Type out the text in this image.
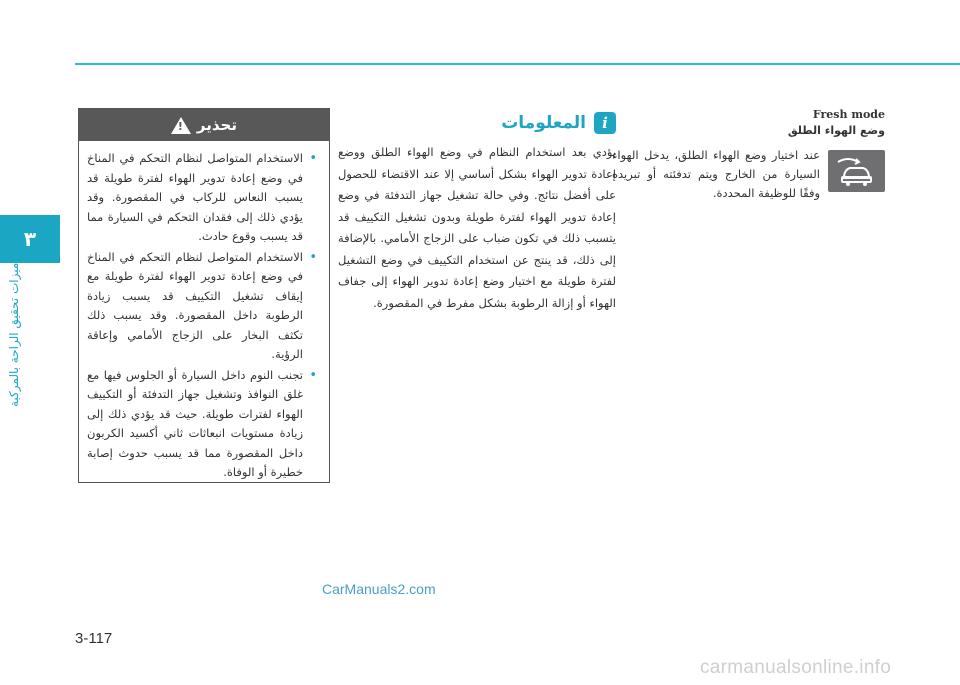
٣
ميزات تحقيق الراحة بالمركبة
Fresh mode
وضع الهواء الطلق
عند اختيار وضع الهواء الطلق، يدخل الهواء السيارة من الخارج ويتم تدفئته أو تبريده وفقًا للوظيفة المحددة.
المعلومات	i
يؤدي بعد استخدام النظام في وضع الهواء الطلق ووضع إعادة تدوير الهواء بشكل أساسي إلا عند الاقتضاء للحصول على أفضل نتائج. وفي حالة تشغيل جهاز التدفئة في وضع إعادة تدوير الهواء لفترة طويلة وبدون تشغيل التكييف قد يتسبب ذلك في تكون ضباب على الزجاج الأمامي. بالإضافة إلى ذلك، قد ينتج عن استخدام التكييف في وضع التشغيل لفترة طويلة مع اختيار وضع إعادة تدوير الهواء إلى جفاف الهواء أو إزالة الرطوبة بشكل مفرط في المقصورة.
! تحذير
• الاستخدام المتواصل لنظام التحكم في المناخ في وضع إعادة تدوير الهواء لفترة طويلة قد يسبب النعاس للركاب في المقصورة. وقد يؤدي ذلك إلى فقدان التحكم في السيارة مما قد يسبب وقوع حادث.
• الاستخدام المتواصل لنظام التحكم في المناخ في وضع إعادة تدوير الهواء لفترة طويلة مع إيقاف تشغيل التكييف قد يسبب زيادة الرطوبة داخل المقصورة. وقد يسبب ذلك تكثف البخار على الزجاج الأمامي وإعاقة الرؤية.
• تجنب النوم داخل السيارة أو الجلوس فيها مع غلق النوافذ وتشغيل جهاز التدفئة أو التكييف الهواء لفترات طويلة. حيث قد يؤدي ذلك إلى زيادة مستويات انبعاثات ثاني أكسيد الكربون داخل المقصورة مما قد يسبب حدوث إصابة خطيرة أو الوفاة.
CarManuals2.com
3-117
carmanualsonline.info
